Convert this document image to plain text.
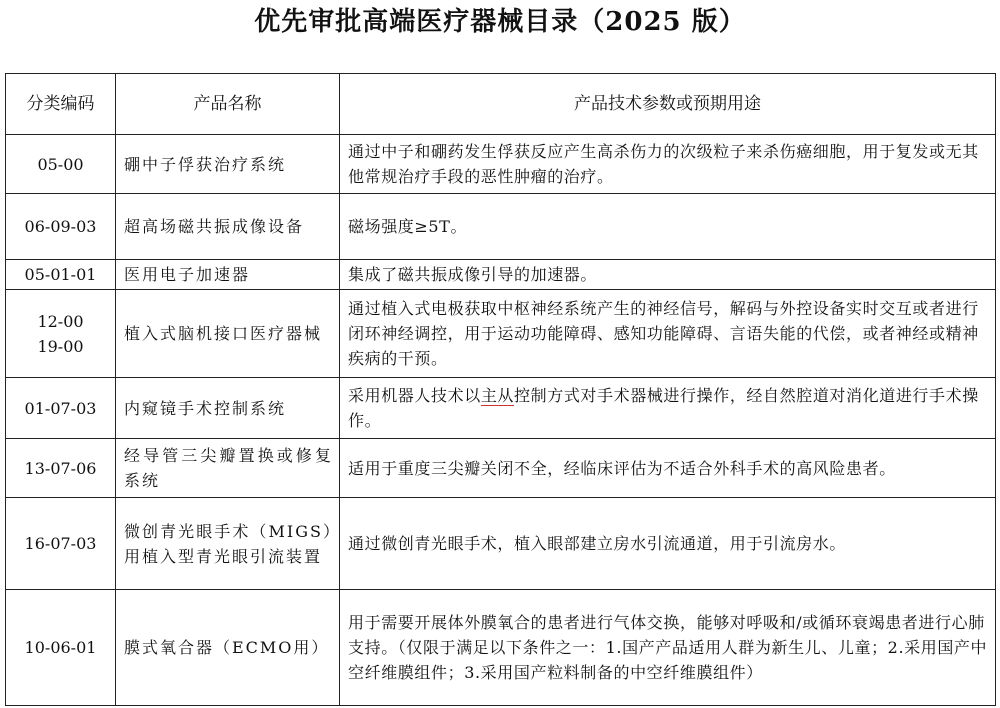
优先审批高端医疗器械目录（2025 版）
分类编码	产品名称	产品技术参数或预期用途

05-00	硼中子俘获治疗系统	通过中子和硼药发生俘获反应产生高杀伤力的次级粒子来杀伤癌细胞，用于复发或无其他常规治疗手段的恶性肿瘤的治疗。

06-09-03	超高场磁共振成像设备	磁场强度≥5T。

05-01-01	医用电子加速器	集成了磁共振成像引导的加速器。

12-00
19-00	植入式脑机接口医疗器械	通过植入式电极获取中枢神经系统产生的神经信号，解码与外控设备实时交互或者进行闭环神经调控，用于运动功能障碍、感知功能障碍、言语失能的代偿，或者神经或精神疾病的干预。

01-07-03	内窥镜手术控制系统	采用机器人技术以主从控制方式对手术器械进行操作，经自然腔道对消化道进行手术操作。

13-07-06	经导管三尖瓣置换或修复系统	适用于重度三尖瓣关闭不全，经临床评估为不适合外科手术的高风险患者。

16-07-03	微创青光眼手术（MIGS）用植入型青光眼引流装置	通过微创青光眼手术，植入眼部建立房水引流通道，用于引流房水。

10-06-01	膜式氧合器（ECMO用）	用于需要开展体外膜氧合的患者进行气体交换，能够对呼吸和/或循环衰竭患者进行心肺支持。（仅限于满足以下条件之一：1.国产产品适用人群为新生儿、儿童；2.采用国产中空纤维膜组件；3.采用国产粒料制备的中空纤维膜组件）
